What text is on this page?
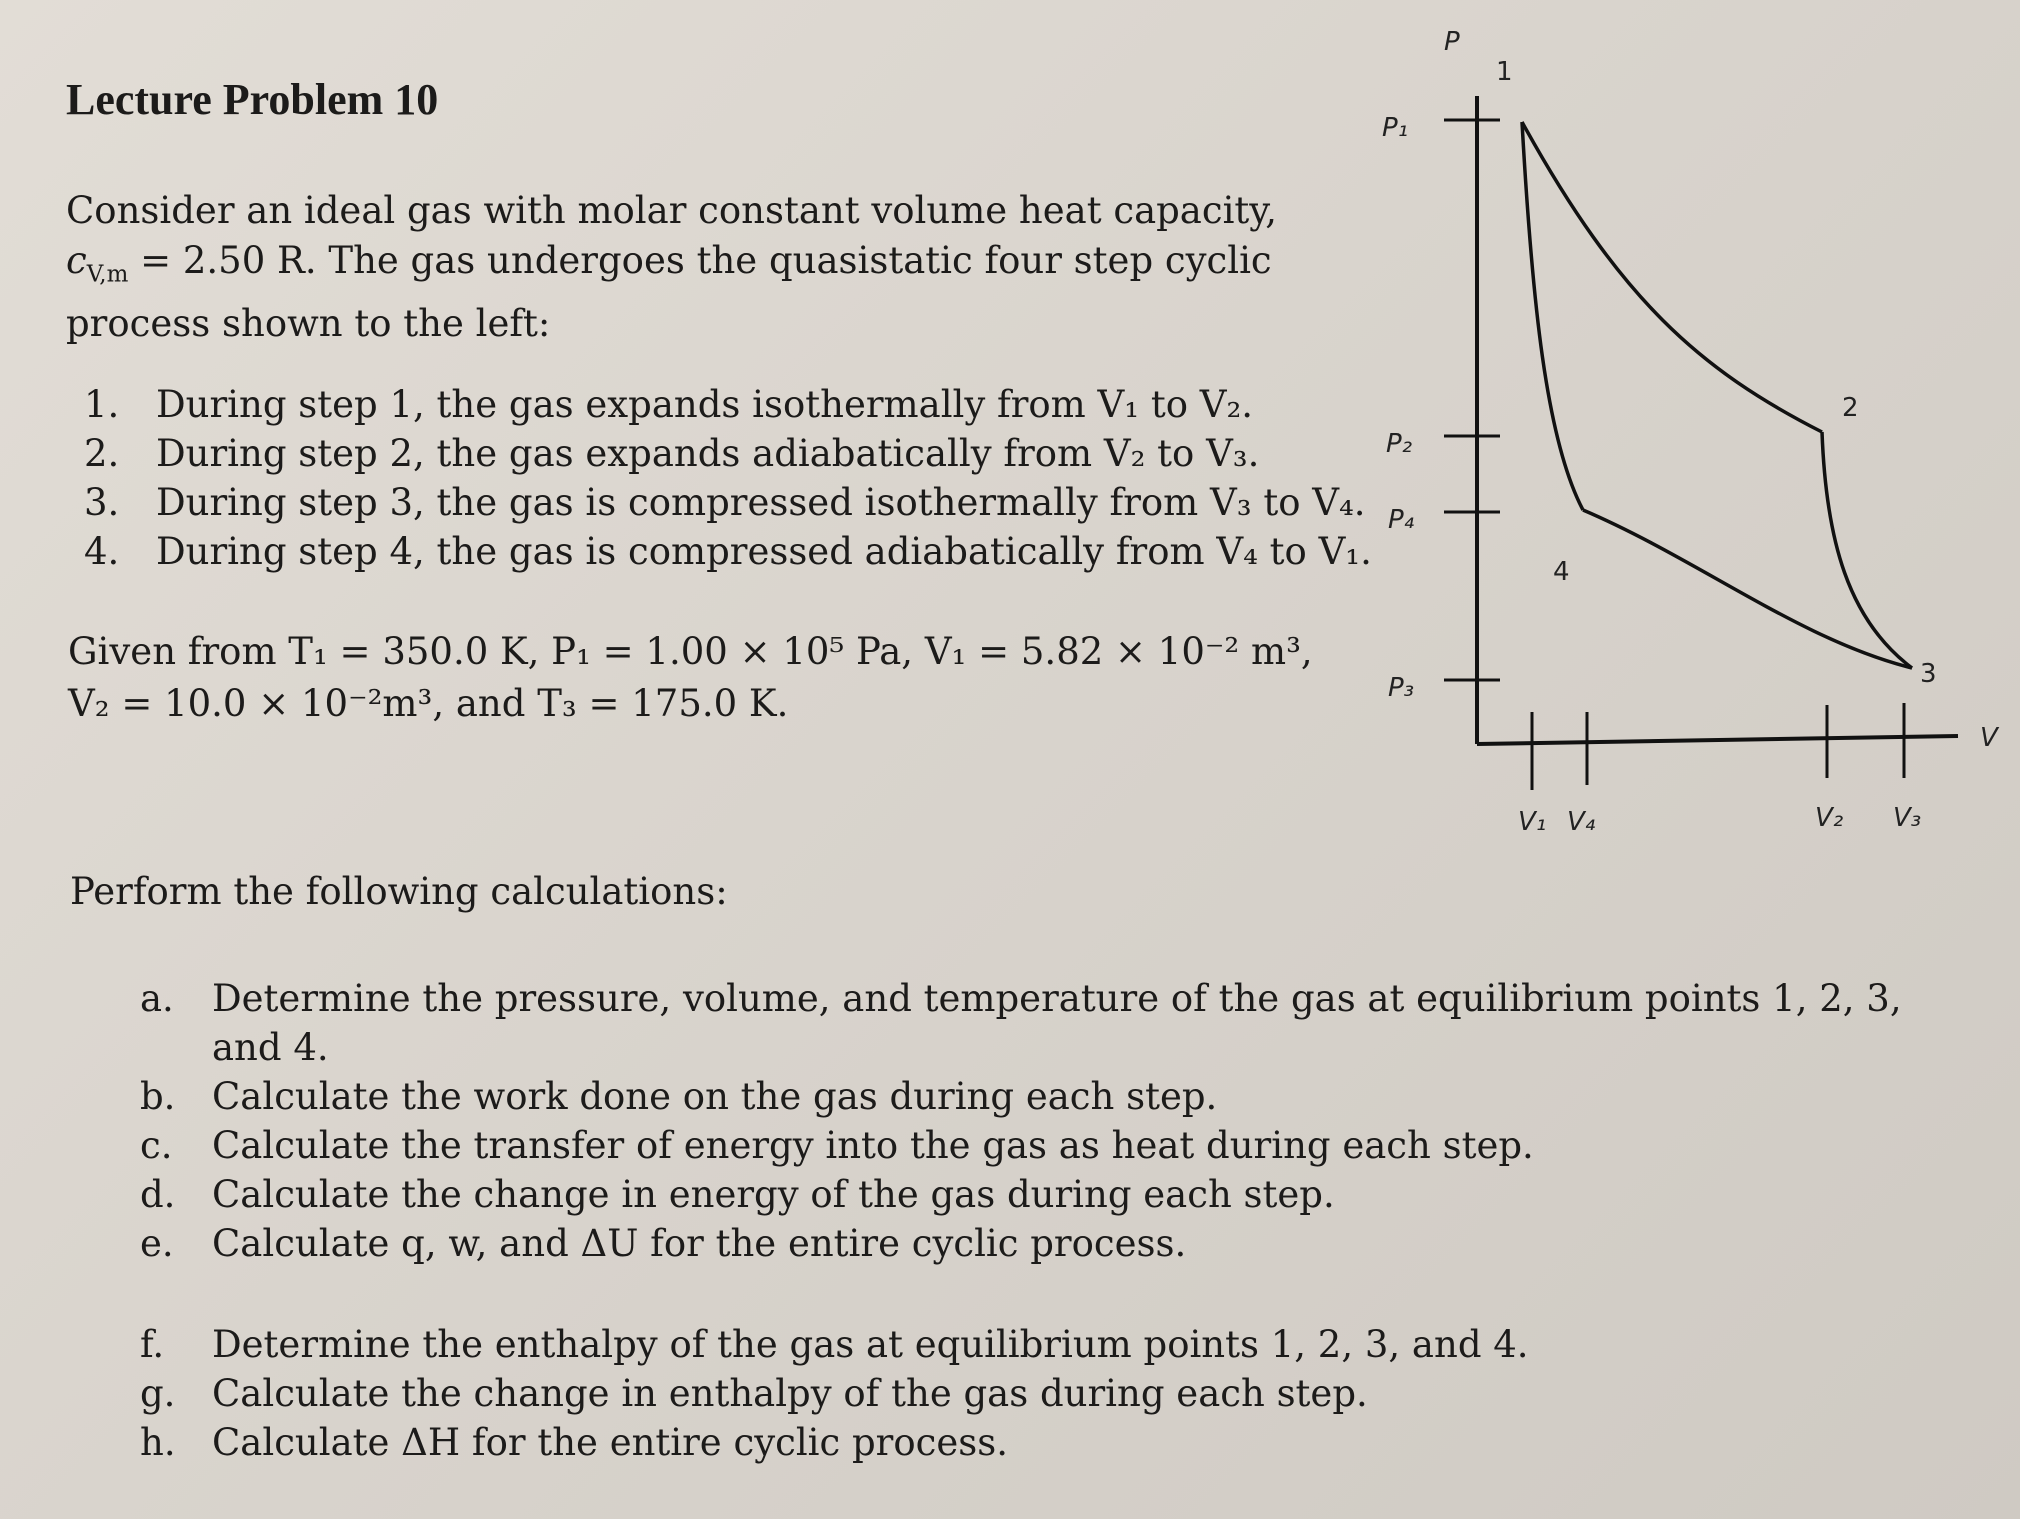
Lecture Problem 10
Consider an ideal gas with molar constant volume heat capacity,
$c_{V,m} = 2.50$ R. The gas undergoes the quasistatic four step cyclic
process shown to the left:
1. During step 1, the gas expands isothermally from V₁ to V₂.
2. During step 2, the gas expands adiabatically from V₂ to V₃.
3. During step 3, the gas is compressed isothermally from V₃ to V₄.
4. During step 4, the gas is compressed adiabatically from V₄ to V₁.
Given from T₁ = 350.0 K, P₁ = 1.00 × 10⁵ Pa, V₁ = 5.82 × 10⁻² m³,
V₂ = 10.0 × 10⁻²m³, and T₃ = 175.0 K.
Perform the following calculations:
a. Determine the pressure, volume, and temperature of the gas at equilibrium points 1, 2, 3,
and 4.
b. Calculate the work done on the gas during each step.
c. Calculate the transfer of energy into the gas as heat during each step.
d. Calculate the change in energy of the gas during each step.
e. Calculate q, w, and ΔU for the entire cyclic process.
f. Determine the enthalpy of the gas at equilibrium points 1, 2, 3, and 4.
g. Calculate the change in enthalpy of the gas during each step.
h. Calculate ΔH for the entire cyclic process.
P
V
P₁
P₂
P₄
P₃
V₁ V₄	V₂ V₃
1
2
3
4
